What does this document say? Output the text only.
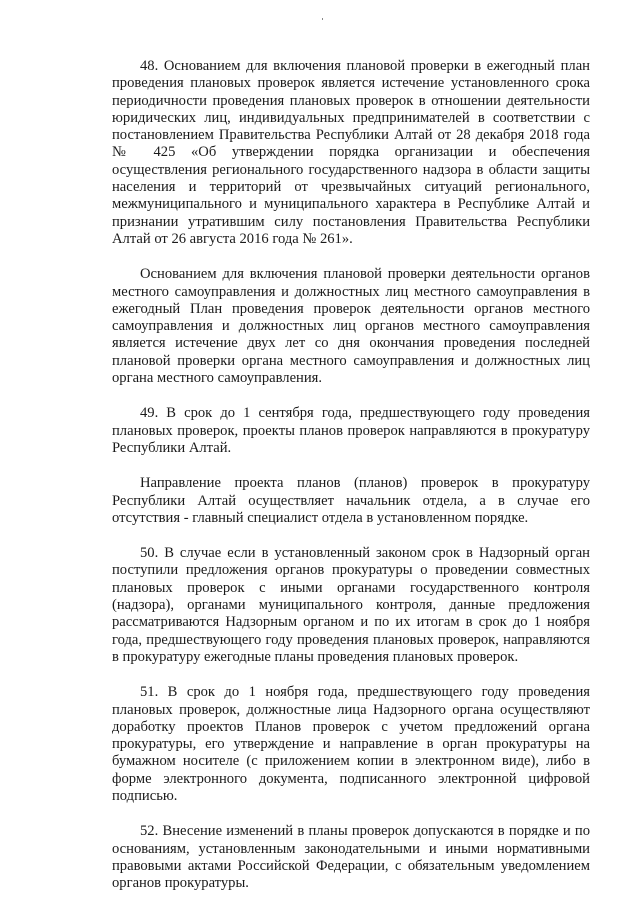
48. Основанием для включения плановой проверки в ежегодный план проведения плановых проверок является истечение установленного срока периодичности проведения плановых проверок в отношении деятельности юридических лиц, индивидуальных предпринимателей в соответствии с постановлением Правительства Республики Алтай от 28 декабря 2018 года № 425 «Об утверждении порядка организации и обеспечения осуществления регионального государственного надзора в области защиты населения и территорий от чрезвычайных ситуаций регионального, межмуниципального и муниципального характера в Республике Алтай и признании утратившим силу постановления Правительства Республики Алтай от 26 августа 2016 года № 261».

Основанием для включения плановой проверки деятельности органов местного самоуправления и должностных лиц местного самоуправления в ежегодный План проведения проверок деятельности органов местного самоуправления и должностных лиц органов местного самоуправления является истечение двух лет со дня окончания проведения последней плановой проверки органа местного самоуправления и должностных лиц органа местного самоуправления.

49. В срок до 1 сентября года, предшествующего году проведения плановых проверок, проекты планов проверок направляются в прокуратуру Республики Алтай.

Направление проекта планов (планов) проверок в прокуратуру Республики Алтай осуществляет начальник отдела, а в случае его отсутствия - главный специалист отдела в установленном порядке.

50. В случае если в установленный законом срок в Надзорный орган поступили предложения органов прокуратуры о проведении совместных плановых проверок с иными органами государственного контроля (надзора), органами муниципального контроля, данные предложения рассматриваются Надзорным органом и по их итогам в срок до 1 ноября года, предшествующего году проведения плановых проверок, направляются в прокуратуру ежегодные планы проведения плановых проверок.

51. В срок до 1 ноября года, предшествующего году проведения плановых проверок, должностные лица Надзорного органа осуществляют доработку проектов Планов проверок с учетом предложений органа прокуратуры, его утверждение и направление в орган прокуратуры на бумажном носителе (с приложением копии в электронном виде), либо в форме электронного документа, подписанного электронной цифровой подписью.

52. Внесение изменений в планы проверок допускаются в порядке и по основаниям, установленным законодательными и иными нормативными правовыми актами Российской Федерации, с обязательным уведомлением органов прокуратуры.
